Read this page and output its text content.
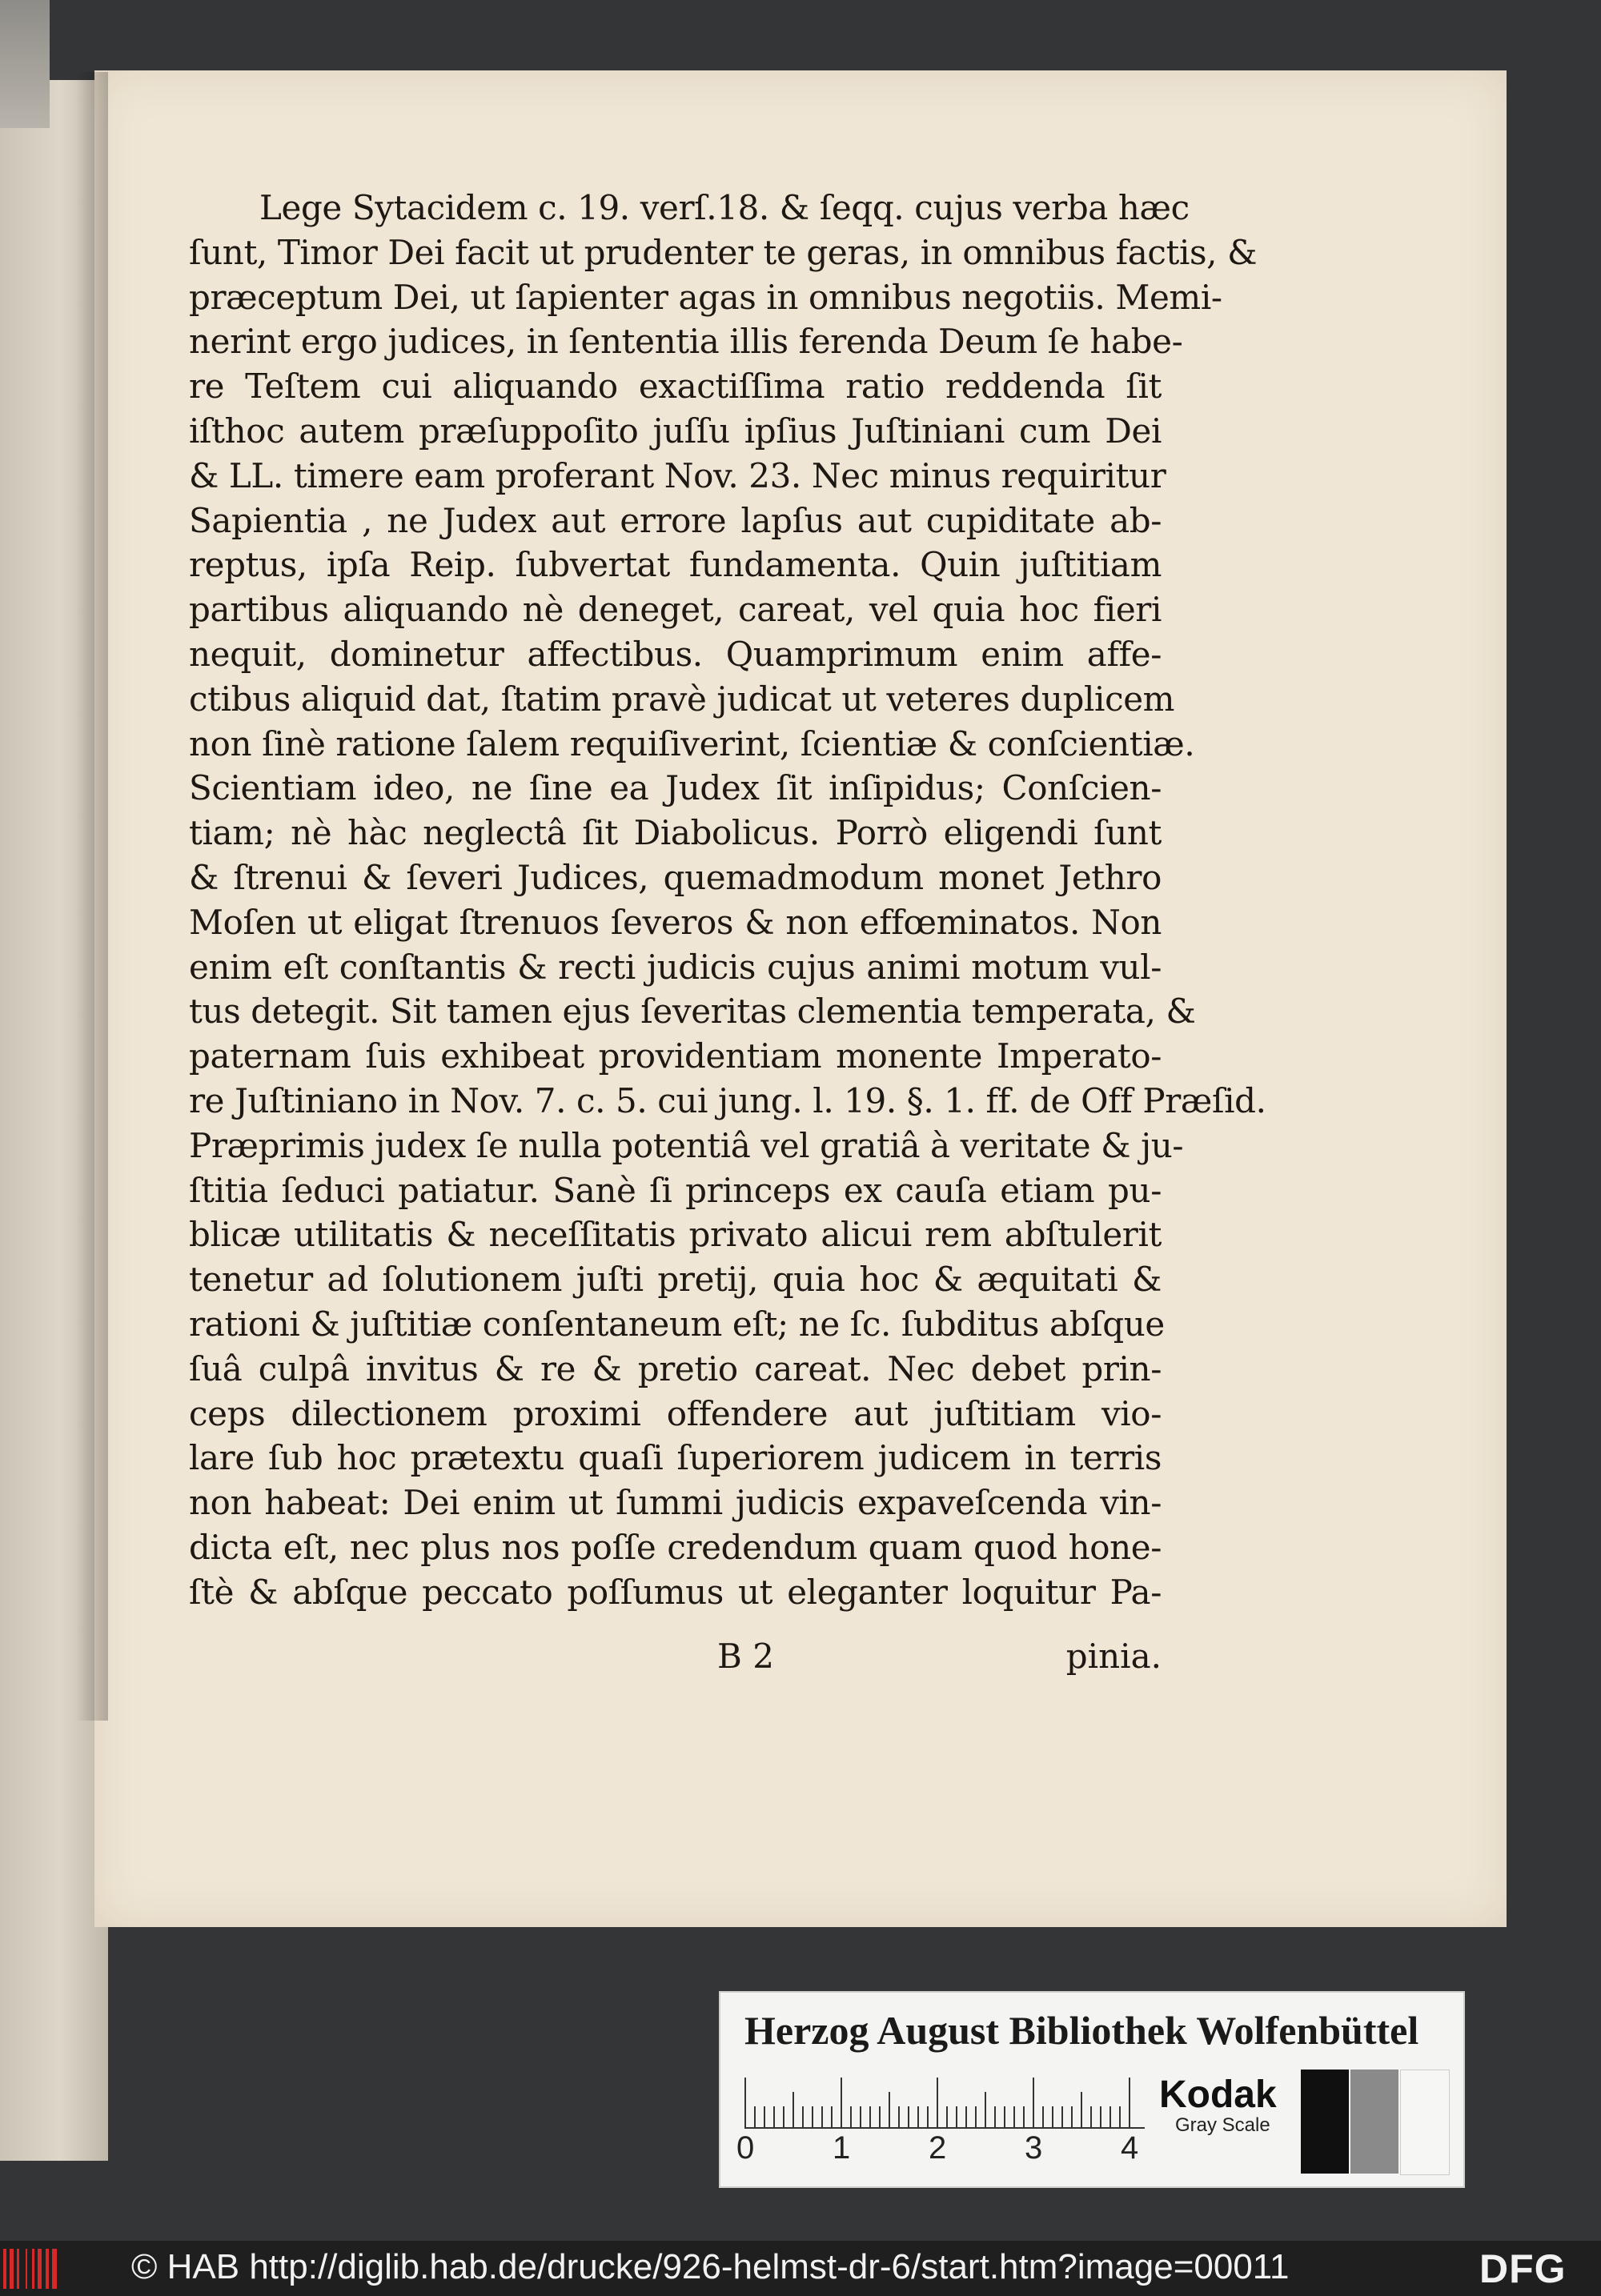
Lege Sytacidem c. 19. verſ.18. & ſeqq. cujus verba hæc
ſunt, Timor Dei facit ut prudenter te geras, in omnibus factis, &
præceptum Dei, ut ſapienter agas in omnibus negotiis. Memi-
nerint ergo judices, in ſententia illis ferenda Deum ſe habe-
re Teſtem cui aliquando exactiſſima ratio reddenda ſit
iſthoc autem præſuppoſito juſſu ipſius Juſtiniani cum Dei
& LL. timere eam proferant Nov. 23. Nec minus requiritur
Sapientia , ne Judex aut errore lapſus aut cupiditate ab-
reptus, ipſa Reip. ſubvertat fundamenta. Quin juſtitiam
partibus aliquando nè deneget, careat, vel quia hoc fieri
nequit, dominetur affectibus. Quamprimum enim affe-
ctibus aliquid dat, ſtatim pravè judicat ut veteres duplicem
non ſinè ratione ſalem requiſiverint, ſcientiæ & conſcientiæ.
Scientiam ideo, ne ſine ea Judex ſit inſipidus; Conſcien-
tiam; nè hàc neglectâ ſit Diabolicus. Porrò eligendi ſunt
& ſtrenui & ſeveri Judices, quemadmodum monet Jethro
Moſen ut eligat ſtrenuos ſeveros & non effœminatos. Non
enim eſt conſtantis & recti judicis cujus animi motum vul-
tus detegit. Sit tamen ejus ſeveritas clementia temperata, &
paternam ſuis exhibeat providentiam monente Imperato-
re Juſtiniano in Nov. 7. c. 5. cui jung. l. 19. §. 1. ff. de Off Præſid.
Præprimis judex ſe nulla potentiâ vel gratiâ à veritate & ju-
ſtitia ſeduci patiatur. Sanè ſi princeps ex cauſa etiam pu-
blicæ utilitatis & neceſſitatis privato alicui rem abſtulerit
tenetur ad ſolutionem juſti pretij, quia hoc & æquitati &
rationi & juſtitiæ conſentaneum eſt; ne ſc. ſubditus abſque
ſuâ culpâ invitus & re & pretio careat. Nec debet prin-
ceps dilectionem proximi offendere aut juſtitiam vio-
lare ſub hoc prætextu quaſi ſuperiorem judicem in terris
non habeat: Dei enim ut ſummi judicis expaveſcenda vin-
dicta eſt, nec plus nos poſſe credendum quam quod hone-
ſtè & abſque peccato poſſumus ut eleganter loquitur Pa-
B 2	pinia.
Herzog August Bibliothek Wolfenbüttel
0 1 2 3 4
Kodak
Gray Scale
© HAB http://diglib.hab.de/drucke/926-helmst-dr-6/start.htm?image=00011	DFG
